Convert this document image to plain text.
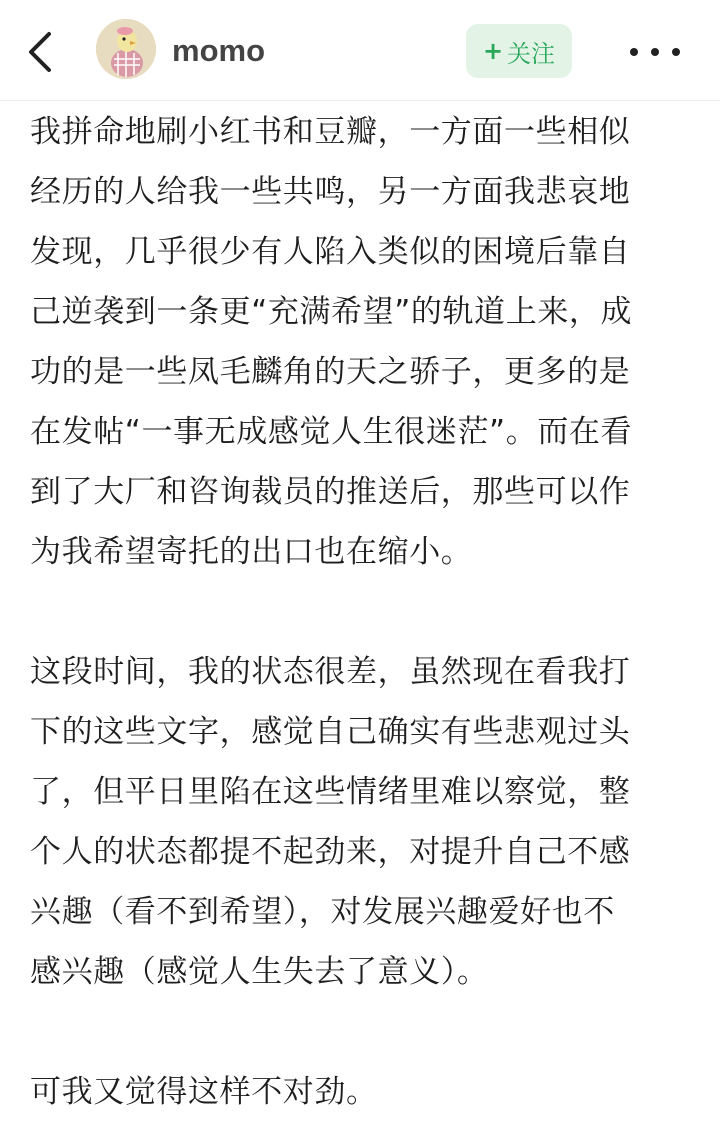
momo	+ 关注
我拼命地刷小红书和豆瓣，一方面一些相似
经历的人给我一些共鸣，另一方面我悲哀地
发现，几乎很少有人陷入类似的困境后靠自
己逆袭到一条更“充满希望”的轨道上来，成
功的是一些凤毛麟角的天之骄子，更多的是
在发帖“一事无成感觉人生很迷茫”。而在看
到了大厂和咨询裁员的推送后，那些可以作
为我希望寄托的出口也在缩小。
这段时间，我的状态很差，虽然现在看我打
下的这些文字，感觉自己确实有些悲观过头
了，但平日里陷在这些情绪里难以察觉，整
个人的状态都提不起劲来，对提升自己不感
兴趣（看不到希望），对发展兴趣爱好也不
感兴趣（感觉人生失去了意义）。
可我又觉得这样不对劲。
